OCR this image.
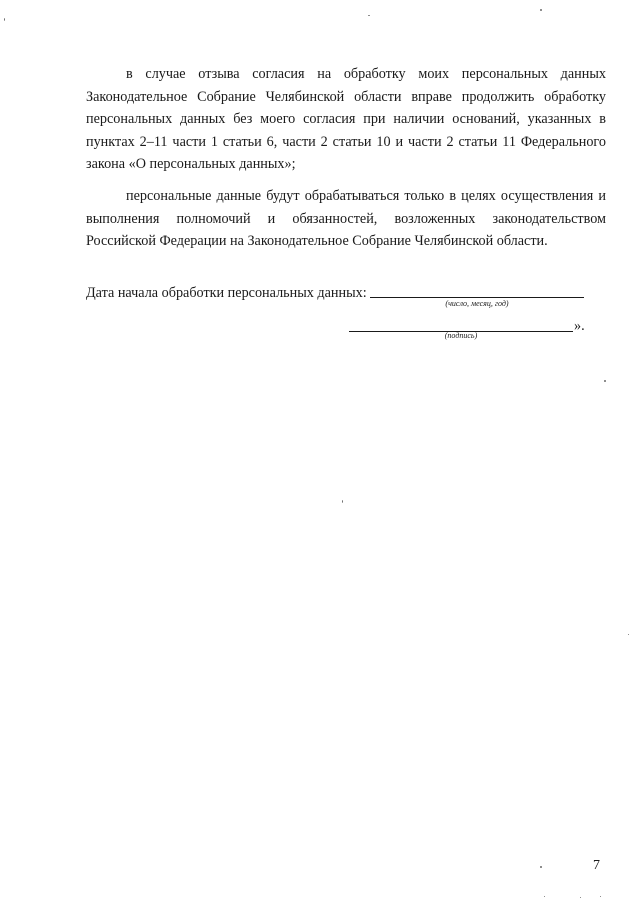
в случае отзыва согласия на обработку моих персональных данных Законодательное Собрание Челябинской области вправе продолжить обработку персональных данных без моего согласия при наличии оснований, указанных в пунктах 2–11 части 1 статьи 6, части 2 статьи 10 и части 2 статьи 11 Федерального закона «О персональных данных»;

персональные данные будут обрабатываться только в целях осуществления и выполнения полномочий и обязанностей, возложенных законодательством Российской Федерации на Законодательное Собрание Челябинской области.

Дата начала обработки персональных данных:
(число, месяц, год)
».
(подпись)
7
